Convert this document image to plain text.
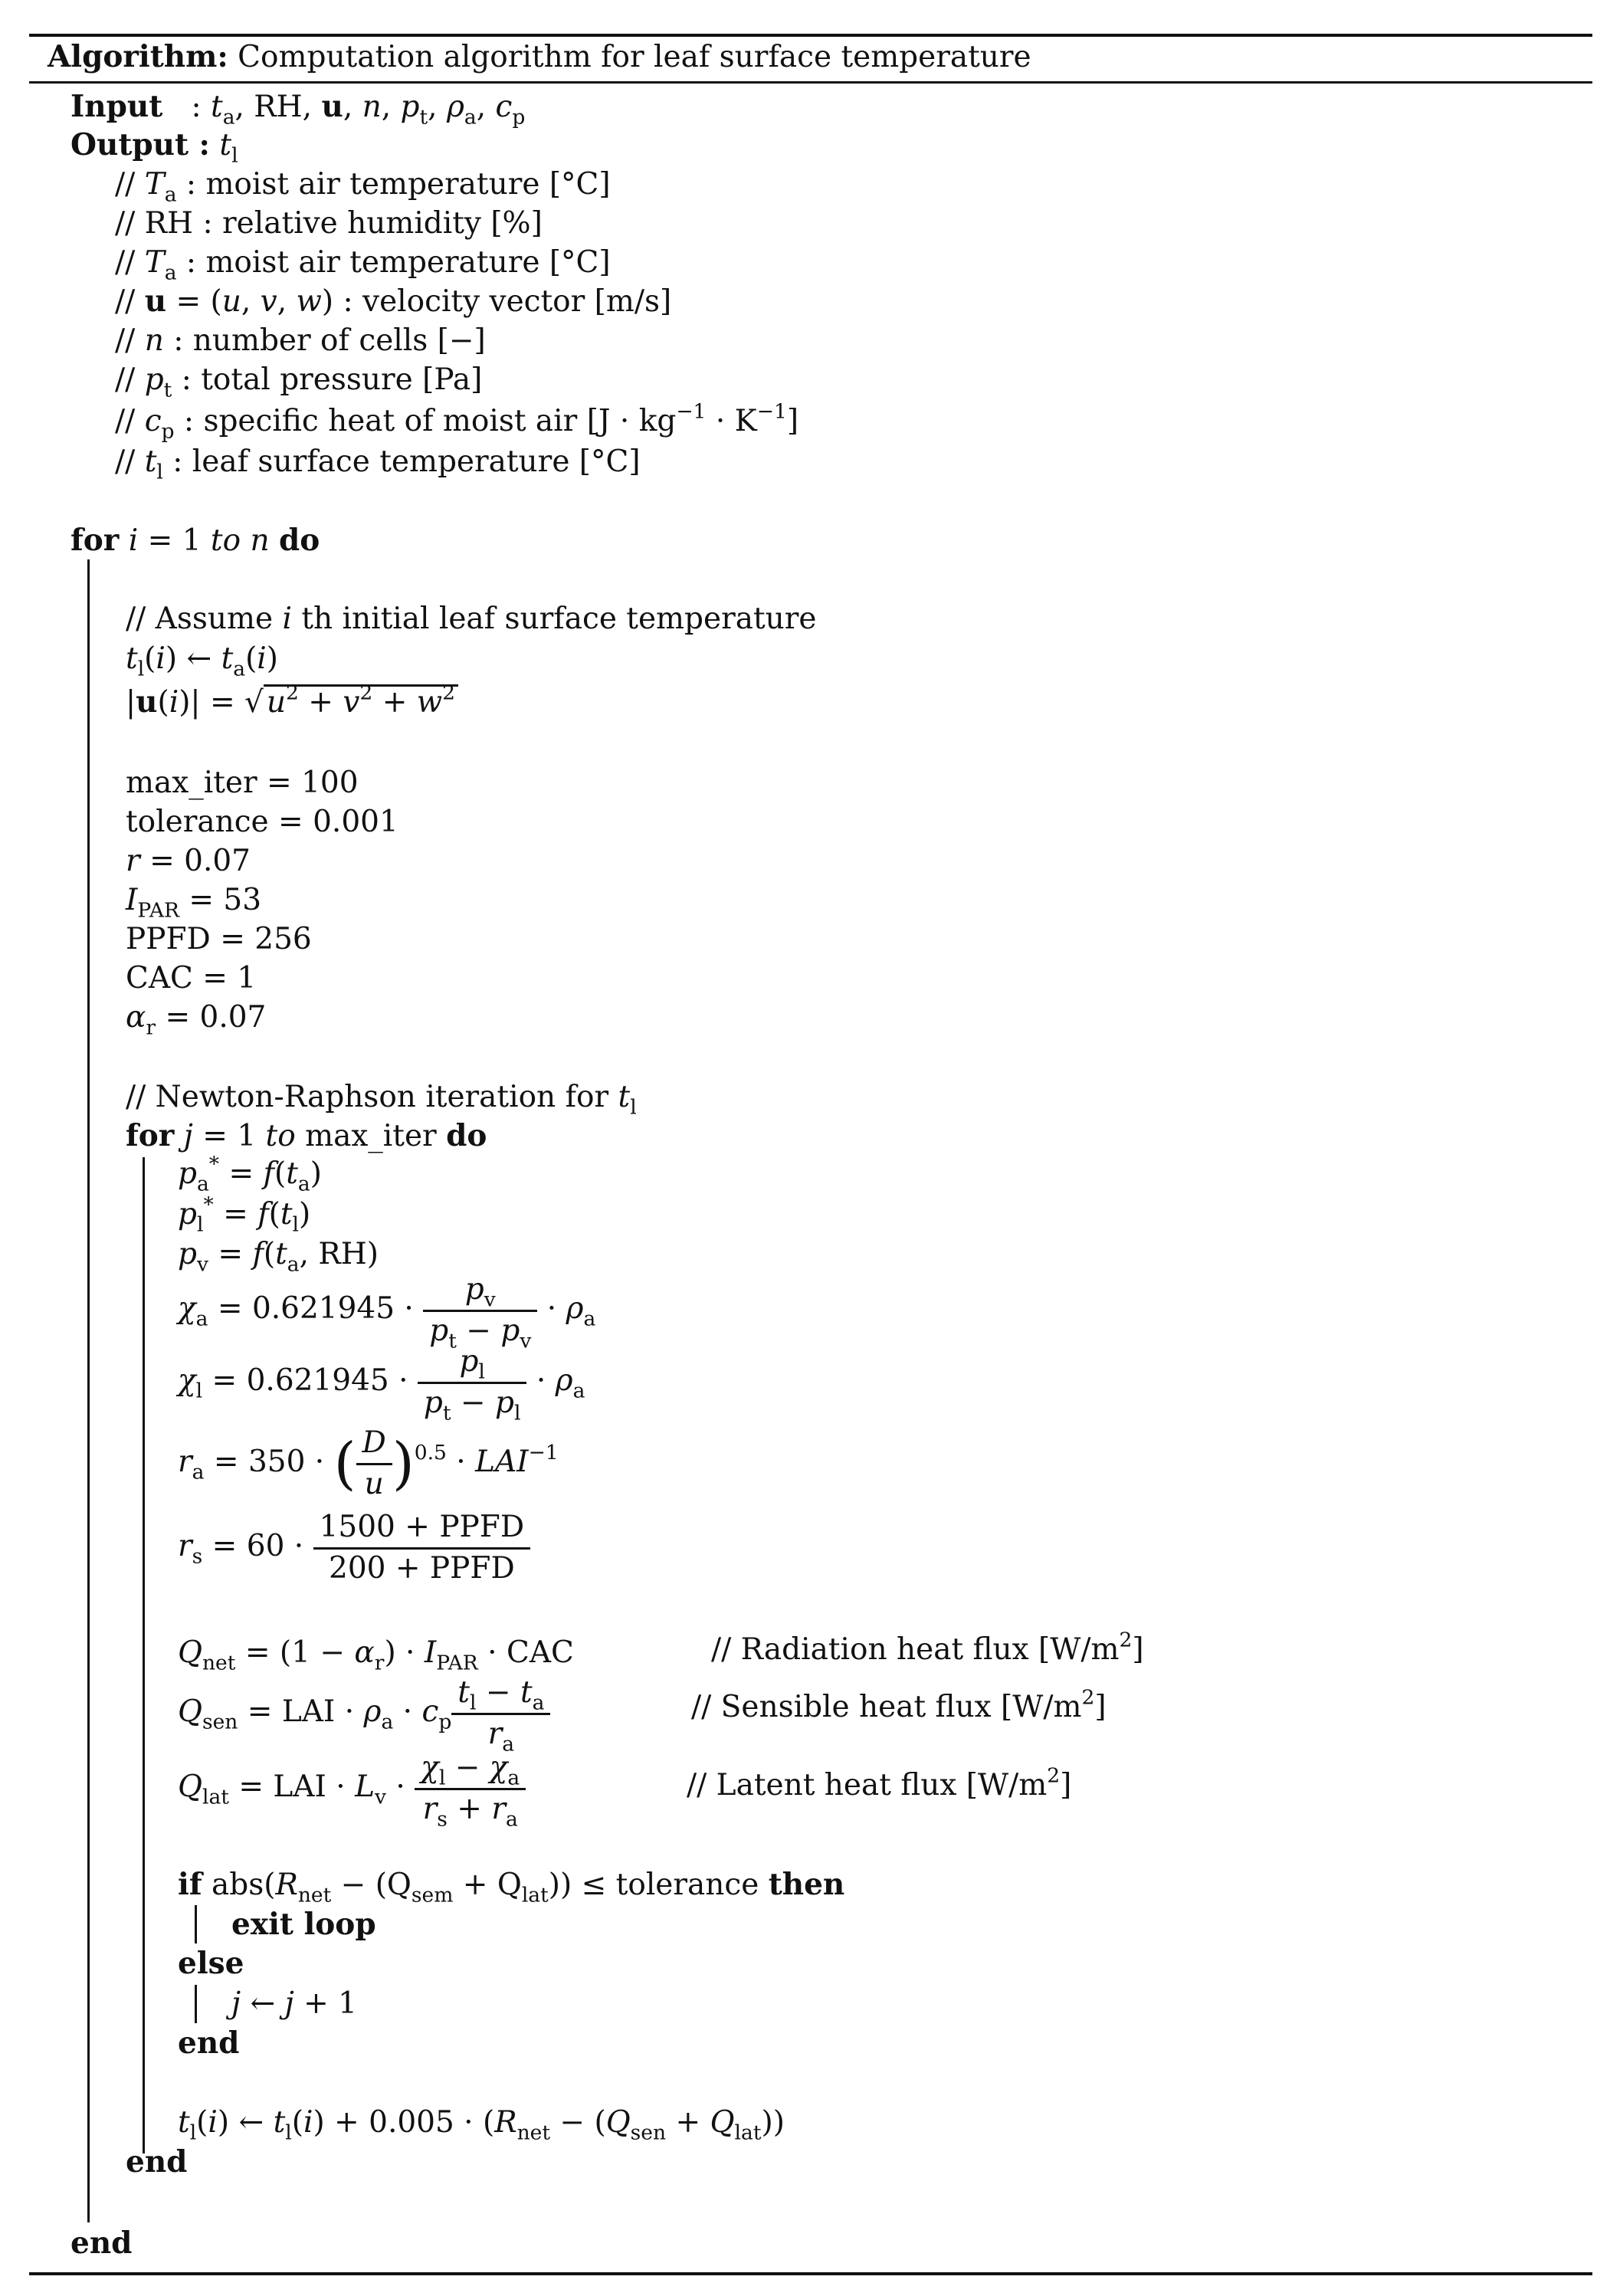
Algorithm: Computation algorithm for leaf surface temperature
Input : $t_a$, RH, u, n, $p_t$, $\rho_a$, $c_p$
Output : $t_l$
// $T_a$ : moist air temperature [°C]
// RH : relative humidity [%]
// $T_a$ : moist air temperature [°C]
// u = (u, v, w) : velocity vector [m/s]
// n : number of cells [−]
// $p_t$ : total pressure [Pa]
// $c_p$ : specific heat of moist air $[J \cdot kg^{-1} \cdot K^{-1}]$
// $t_l$ : leaf surface temperature [°C]
for i = 1 to n do
// Assume i th initial leaf surface temperature
$t_l(i)$ ← $t_a(i)$
|u(i)| = √ $u^2 + v^2 + w^2$
max_iter = 100
tolerance = 0.001
r = 0.07
$I_{PAR} = 53$
PPFD = 256
CAC = 1
$\alpha_r = 0.07$
// Newton-Raphson iteration for $t_l$
for j = 1 to max_iter do
$p_a^* = f(t_a)$
$p_l^* = f(t_l)$
$p_v = f(t_a$, RH)
$\chi_a = 0.621945 \cdot \frac{p_v}{p_t - p_v} \cdot \rho_a$
$\chi_l = 0.621945 \cdot \frac{p_l}{p_t - p_l} \cdot \rho_a$
$r_a = 350$ · ( $\frac{D}{u} )^{0.5} \cdot LAI^{-1}$
$r_s = 60 \cdot \frac{\text{1500 + PPFD}}{\text{200 + PPFD}}$
$Q_{net} = (1 - \alpha_r) \cdot I_{PAR}$ · CAC	// Radiation heat flux $[W/m^2]$
$Q_{sen}$ = LAI · $\rho_a \cdot c_p \frac{t_l - t_a}{r_a}$	// Sensible heat flux $[W/m^2]$
$Q_{lat}$ = LAI · $L_v \cdot \frac{\chi_l - \chi_a}{r_s + r_a}$	// Latent heat flux $[W/m^2]$
if $abs(R_{net} - (Q_{sem} + Q_{lat}))$ ≤ tolerance then
exit loop
else
j ← j + 1
end
$t_l(i)$ ← $t_l(i) + 0.005 \cdot (R_{net} - (Q_{sen} + Q_{lat}))$
end
end
